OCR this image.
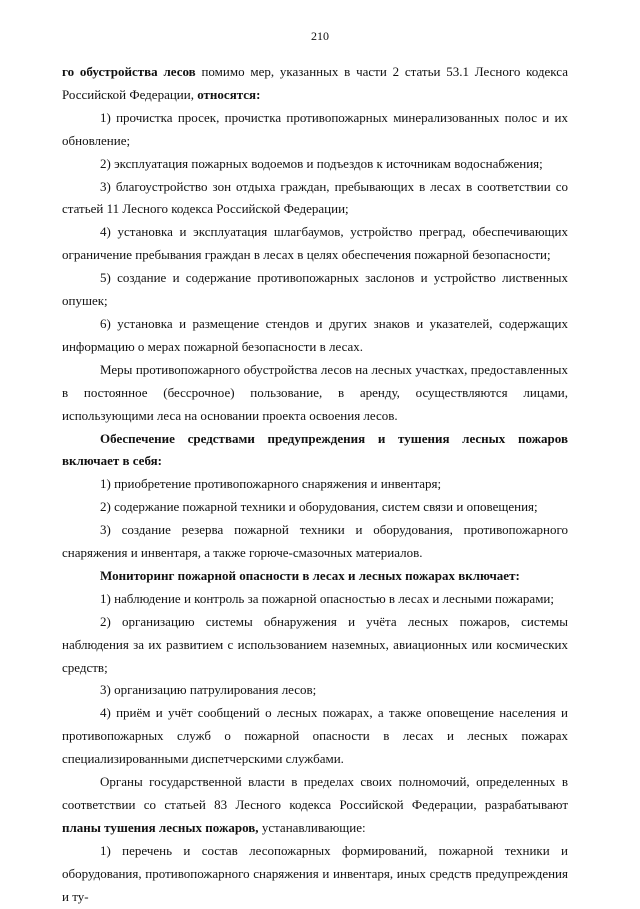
210

го обустройства лесов помимо мер, указанных в части 2 статьи 53.1 Лесного кодекса Российской Федерации, относятся:

1) прочистка просек, прочистка противопожарных минерализованных полос и их обновление;

2) эксплуатация пожарных водоемов и подъездов к источникам водоснабжения;

3) благоустройство зон отдыха граждан, пребывающих в лесах в соответствии со статьей 11 Лесного кодекса Российской Федерации;

4) установка и эксплуатация шлагбаумов, устройство преград, обеспечивающих ограничение пребывания граждан в лесах в целях обеспечения пожарной безопасности;

5) создание и содержание противопожарных заслонов и устройство лиственных опушек;

6) установка и размещение стендов и других знаков и указателей, содержащих информацию о мерах пожарной безопасности в лесах.

Меры противопожарного обустройства лесов на лесных участках, предоставленных в постоянное (бессрочное) пользование, в аренду, осуществляются лицами, использующими леса на основании проекта освоения лесов.

Обеспечение средствами предупреждения и тушения лесных пожаров включает в себя:

1) приобретение противопожарного снаряжения и инвентаря;

2) содержание пожарной техники и оборудования, систем связи и оповещения;

3) создание резерва пожарной техники и оборудования, противопожарного снаряжения и инвентаря, а также горюче-смазочных материалов.

Мониторинг пожарной опасности в лесах и лесных пожарах включает:

1) наблюдение и контроль за пожарной опасностью в лесах и лесными пожарами;

2) организацию системы обнаружения и учёта лесных пожаров, системы наблюдения за их развитием с использованием наземных, авиационных или космических средств;

3) организацию патрулирования лесов;

4) приём и учёт сообщений о лесных пожарах, а также оповещение населения и противопожарных служб о пожарной опасности в лесах и лесных пожарах специализированными диспетчерскими службами.

Органы государственной власти в пределах своих полномочий, определенных в соответствии со статьей 83 Лесного кодекса Российской Федерации, разрабатывают планы тушения лесных пожаров, устанавливающие:

1) перечень и состав лесопожарных формирований, пожарной техники и оборудования, противопожарного снаряжения и инвентаря, иных средств предупреждения и ту-
